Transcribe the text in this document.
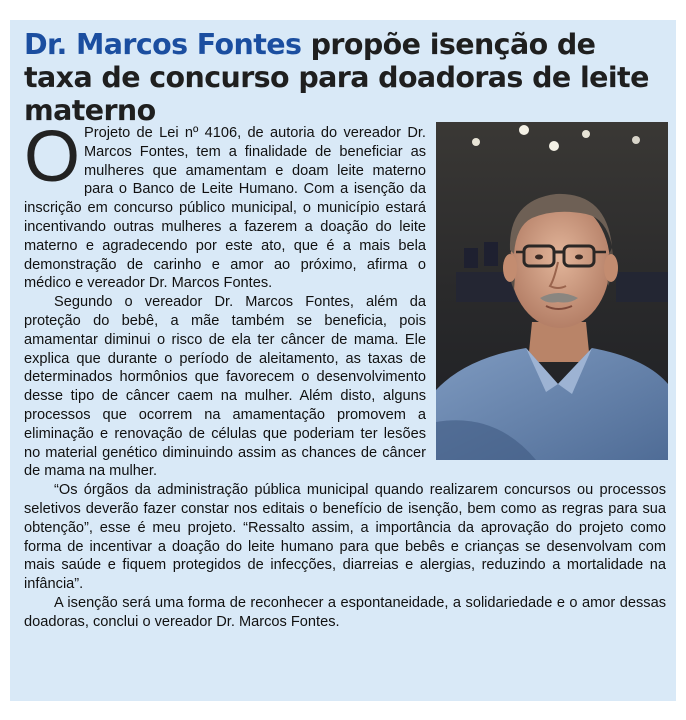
Dr. Marcos Fontes propõe isenção de taxa de concurso para doadoras de leite materno

O Projeto de Lei nº 4106, de autoria do vereador Dr. Marcos Fontes, tem a finalidade de beneficiar as mulheres que amamentam e doam leite materno para o Banco de Leite Humano. Com a isenção da inscrição em concurso público municipal, o município estará incentivando outras mulheres a fazerem a doação do leite materno e agradecendo por este ato, que é a mais bela demonstração de carinho e amor ao próximo, afirma o médico e vereador Dr. Marcos Fontes.

Segundo o vereador Dr. Marcos Fontes, além da proteção do bebê, a mãe também se beneficia, pois amamentar diminui o risco de ela ter câncer de mama. Ele explica que durante o período de aleitamento, as taxas de determinados hormônios que favorecem o desenvolvimento desse tipo de câncer caem na mulher. Além disto, alguns processos que ocorrem na amamentação promovem a eliminação e renovação de células que poderiam ter lesões no material genético diminuindo assim as chances de câncer de mama na mulher.

“Os órgãos da administração pública municipal quando realizarem concursos ou processos seletivos deverão fazer constar nos editais o benefício de isenção, bem como as regras para sua obtenção”, esse é meu projeto. “Ressalto assim, a importância da aprovação do projeto como forma de incentivar a doação do leite humano para que bebês e crianças se desenvolvam com mais saúde e fiquem protegidos de infecções, diarreias e alergias, reduzindo a mortalidade na infância”.

A isenção será uma forma de reconhecer a espontaneidade, a solidariedade e o amor dessas doadoras, conclui o vereador Dr. Marcos Fontes.
